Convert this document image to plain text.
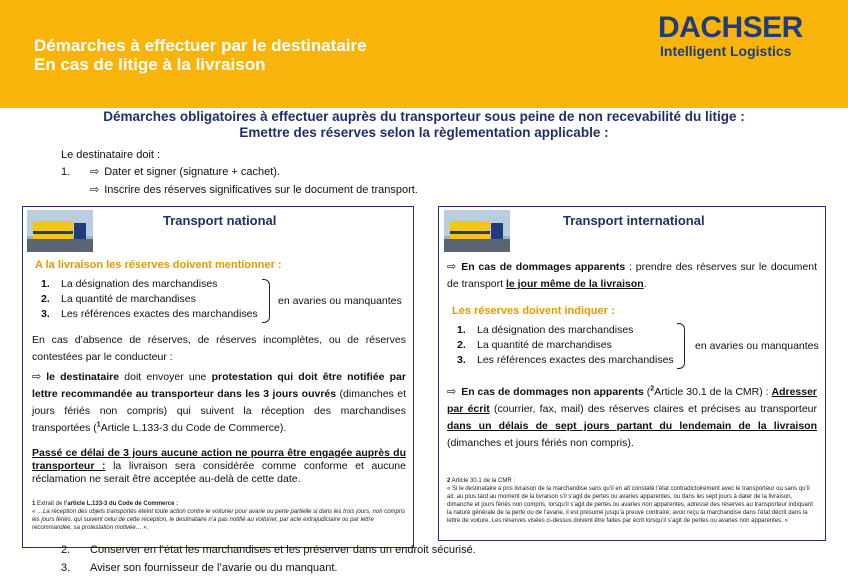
Démarches à effectuer par le destinataire
En cas de litige à la livraison
DACHSER
Intelligent Logistics
Démarches obligatoires à effectuer auprès du transporteur sous peine de non recevabilité du litige :
Emettre des réserves selon la règlementation applicable :
Le destinataire doit :
1. ⇨ Dater et signer (signature + cachet).
⇨ Inscrire des réserves significatives sur le document de transport.
Transport national
A la livraison les réserves doivent mentionner :
1. La désignation des marchandises
2. La quantité de marchandises
3. Les références exactes des marchandises
en avaries ou manquantes
En cas d’absence de réserves, de réserves incomplètes, ou de réserves contestées par le conducteur :
⇨ le destinataire doit envoyer une protestation qui doit être notifiée par lettre recommandée au transporteur dans les 3 jours ouvrés (dimanches et jours fériés non compris) qui suivent la réception des marchandises transportées ($^1$Article L.133-3 du Code de Commerce).
Passé ce délai de 3 jours aucune action ne pourra être engagée auprès du transporteur : la livraison sera considérée comme conforme et aucune réclamation ne serait être acceptée au-delà de cette date.
1 Extrait de l’article L.133-3 du Code de Commerce :
« …La réception des objets transportés éteint toute action contre le voiturier pour avarie ou perte partielle si dans les trois jours, non compris les jours fériés, qui suivent celui de cette réception, le destinataire n’a pas notifié au voiturier, par acte extrajudiciaire ou par lettre recommandée, sa protestation motivée… ».
Transport international
⇨ En cas de dommages apparents : prendre des réserves sur le document de transport le jour même de la livraison.
Les réserves doivent indiquer :
1. La désignation des marchandises
2. La quantité de marchandises
3. Les références exactes des marchandises
en avaries ou manquantes
⇨ En cas de dommages non apparents ($^2$Article 30.1 de la CMR) : Adresser par écrit (courrier, fax, mail) des réserves claires et précises au transporteur dans un délais de sept jours partant du lendemain de la livraison (dimanches et jours fériés non compris).
2 Article 30.1 de la CMR :
« Si le destinataire a pris livraison de la marchandise sans qu’il en ait constaté l’état contradictoirement avec le transporteur ou sans qu’il ait, au plus tard au moment de la livraison s’il s’agit de pertes ou avaries apparentes, ou dans les sept jours à dater de la livraison, dimanche et jours fériés non compris, lorsqu’il s’agit de pertes ou avaries non apparentes, adressé des réserves au transporteur indiquant la nature générale de la perte ou de l’avarie, il est présumé jusqu’à preuve contraire, avoir reçu la marchandise dans l’état décrit dans la lettre de voiture. Les réserves visées ci-dessus doivent être faites par écrit lorsqu’il s’agit de pertes ou avaries non apparentes. »
2. Conserver en l’état les marchandises et les préserver dans un endroit sécurisé.
3. Aviser son fournisseur de l’avarie ou du manquant.
